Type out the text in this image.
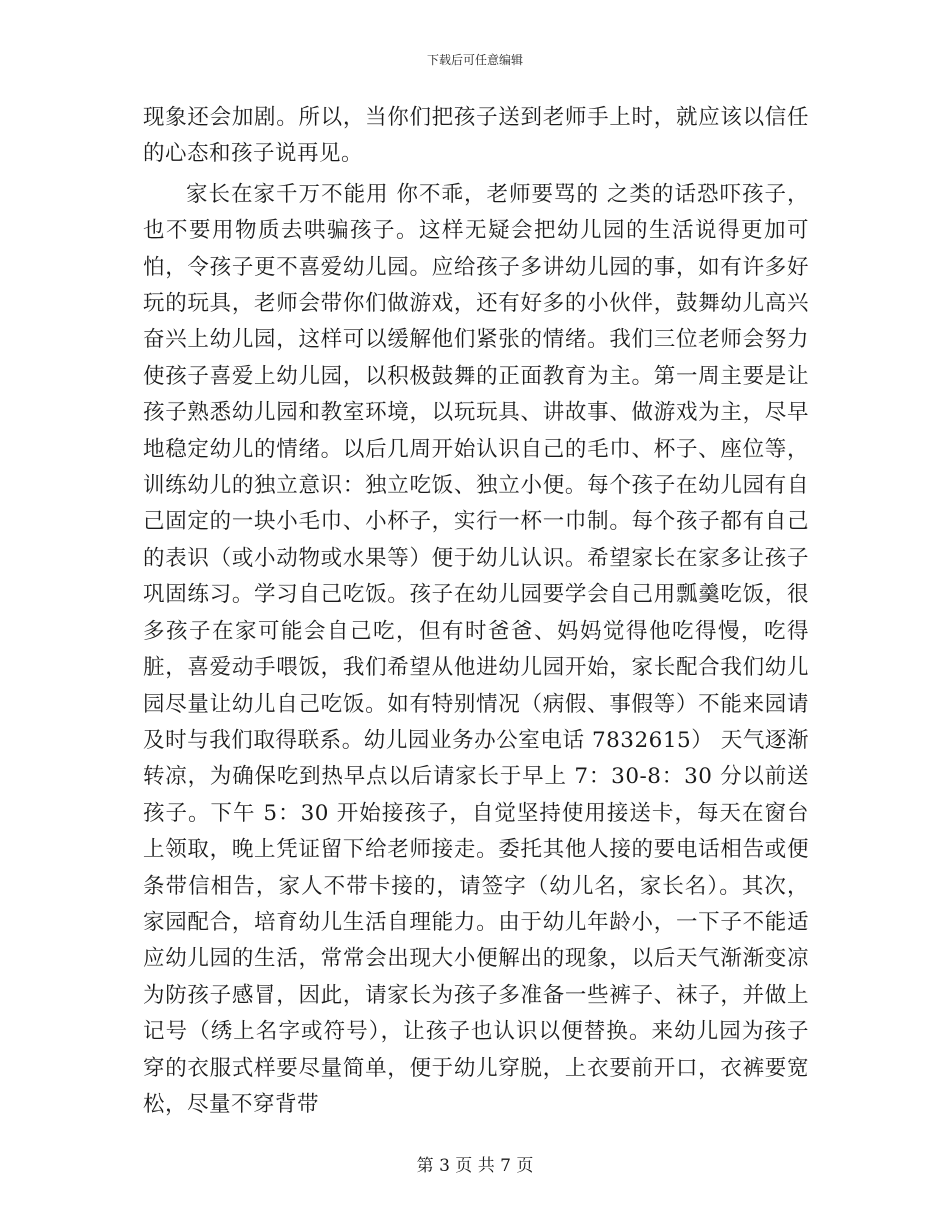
下载后可任意编辑

现象还会加剧。所以，当你们把孩子送到老师手上时，就应该以信任的心态和孩子说再见。

家长在家千万不能用 你不乖，老师要骂的 之类的话恐吓孩子，也不要用物质去哄骗孩子。这样无疑会把幼儿园的生活说得更加可怕，令孩子更不喜爱幼儿园。应给孩子多讲幼儿园的事，如有许多好玩的玩具，老师会带你们做游戏，还有好多的小伙伴，鼓舞幼儿高兴奋兴上幼儿园，这样可以缓解他们紧张的情绪。我们三位老师会努力使孩子喜爱上幼儿园，以积极鼓舞的正面教育为主。第一周主要是让孩子熟悉幼儿园和教室环境，以玩玩具、讲故事、做游戏为主，尽早地稳定幼儿的情绪。以后几周开始认识自己的毛巾、杯子、座位等，训练幼儿的独立意识：独立吃饭、独立小便。每个孩子在幼儿园有自己固定的一块小毛巾、小杯子，实行一杯一巾制。每个孩子都有自己的表识（或小动物或水果等）便于幼儿认识。希望家长在家多让孩子巩固练习。学习自己吃饭。孩子在幼儿园要学会自己用瓢羹吃饭，很多孩子在家可能会自己吃，但有时爸爸、妈妈觉得他吃得慢，吃得脏，喜爱动手喂饭，我们希望从他进幼儿园开始，家长配合我们幼儿园尽量让幼儿自己吃饭。如有特别情况（病假、事假等）不能来园请及时与我们取得联系。幼儿园业务办公室电话 7832615） 天气逐渐转凉，为确保吃到热早点以后请家长于早上 7：30-8：30 分以前送孩子。下午 5：30 开始接孩子，自觉坚持使用接送卡，每天在窗台上领取，晚上凭证留下给老师接走。委托其他人接的要电话相告或便条带信相告，家人不带卡接的，请签字（幼儿名，家长名）。其次，家园配合，培育幼儿生活自理能力。由于幼儿年龄小，一下子不能适应幼儿园的生活，常常会出现大小便解出的现象，以后天气渐渐变凉为防孩子感冒，因此，请家长为孩子多准备一些裤子、袜子，并做上记号（绣上名字或符号），让孩子也认识以便替换。来幼儿园为孩子穿的衣服式样要尽量简单，便于幼儿穿脱，上衣要前开口，衣裤要宽松，尽量不穿背带

第 3 页 共 7 页
